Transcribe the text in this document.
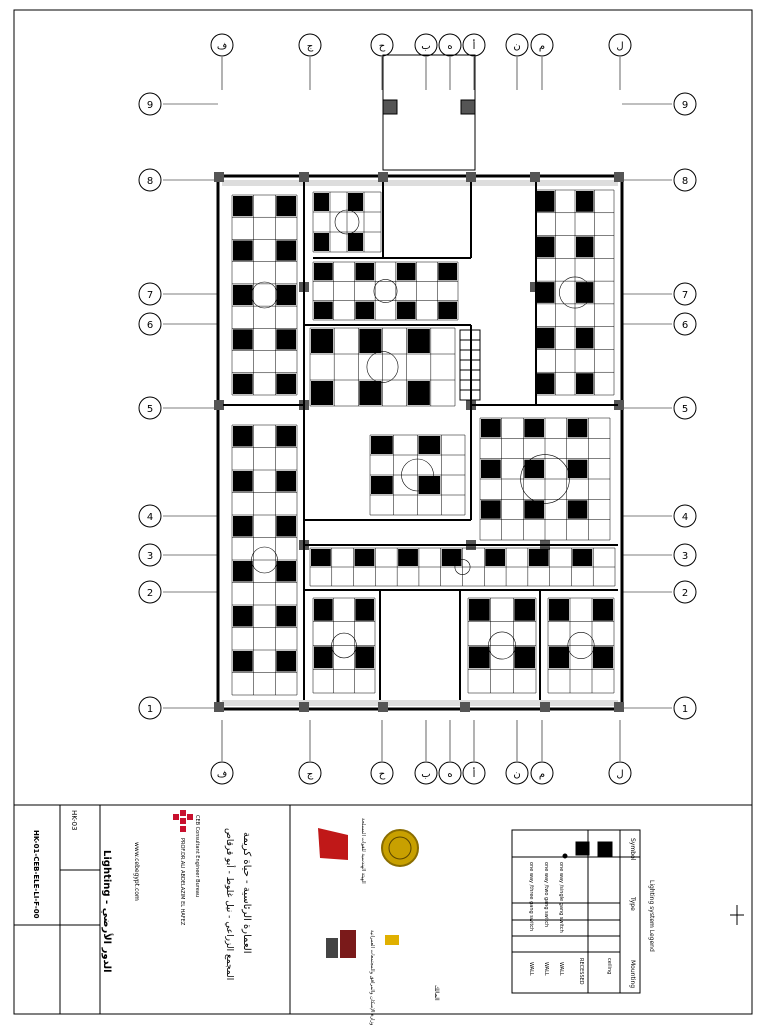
1	1
2	2
3	3
4	4
5	5
6	6
7	7
8	8
9	9
ف
ف
ج
ج
ح
ح
ب
ب
ه
ه
أ
أ
ن
ن
م
م
ل
ل
Lighting system Legend
Symbol
Type
Mounting
RECESSED	ceiling
one way /single gang switch
WALL
one way /two gang switch
WALL
one way /three gang switch
WALL
المالك
وزارة الإسكان والمرافق والمجتمعات العمرانية
الهيئة الهندسية للقوات المسلحة
العمارة الرئاسية - حياة كريمة
المجمع الزراعي - نيل غلوط - أبو قرقاص
CEB Consultant Engineer Bureau
PROF.DR.ALI ABDELAZIM EL HAFEZ
www.cebegypt.com
Lighting - الدور الأرضي
HK-03
HK-01-CEB-ELE-LI-F-00
